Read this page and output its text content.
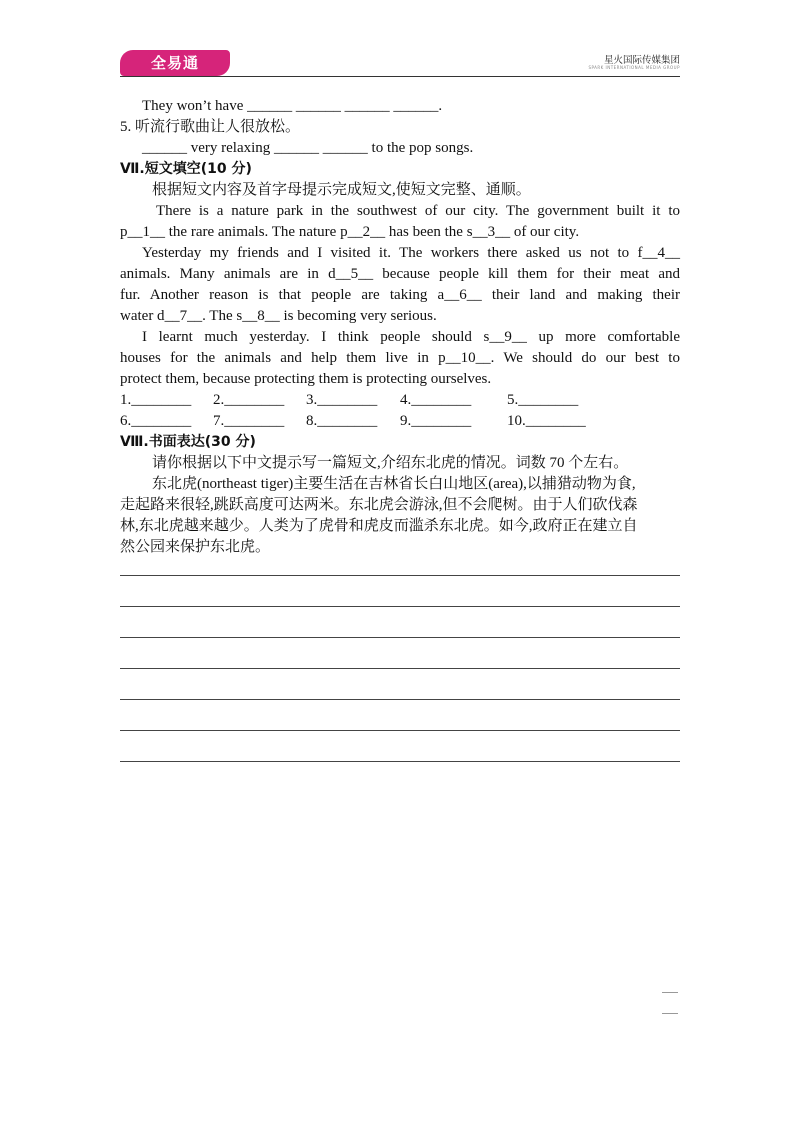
全易通	星火国际传媒集团
SPARK INTERNATIONAL MEDIA GROUP
They won’t have ______ ______ ______ ______.
5. 听流行歌曲让人很放松。
______ very relaxing ______ ______ to the pop songs.
Ⅶ.短文填空(10 分)
根据短文内容及首字母提示完成短文,使短文完整、通顺。
There is a nature park in the southwest of our city. The government built it to
p__1__ the rare animals. The nature p__2__ has been the s__3__ of our city.
Yesterday my friends and I visited it. The workers there asked us not to f__4__
animals. Many animals are in d__5__ because people kill them for their meat and
fur. Another reason is that people are taking a__6__ their land and making their
water d__7__. The s__8__ is becoming very serious.
I learnt much yesterday. I think people should s__9__ up more comfortable
houses for the animals and help them live in p__10__. We should do our best to
protect them, because protecting them is protecting ourselves.
1.________	2.________	3.________	4.________	5.________
6.________	7.________	8.________	9.________	10.________
Ⅷ.书面表达(30 分)
请你根据以下中文提示写一篇短文,介绍东北虎的情况。词数 70 个左右。
东北虎(northeast tiger)主要生活在吉林省长白山地区(area),以捕猎动物为食,
走起路来很轻,跳跃高度可达两米。东北虎会游泳,但不会爬树。由于人们砍伐森
林,东北虎越来越少。人类为了虎骨和虎皮而滥杀东北虎。如今,政府正在建立自
然公园来保护东北虎。
